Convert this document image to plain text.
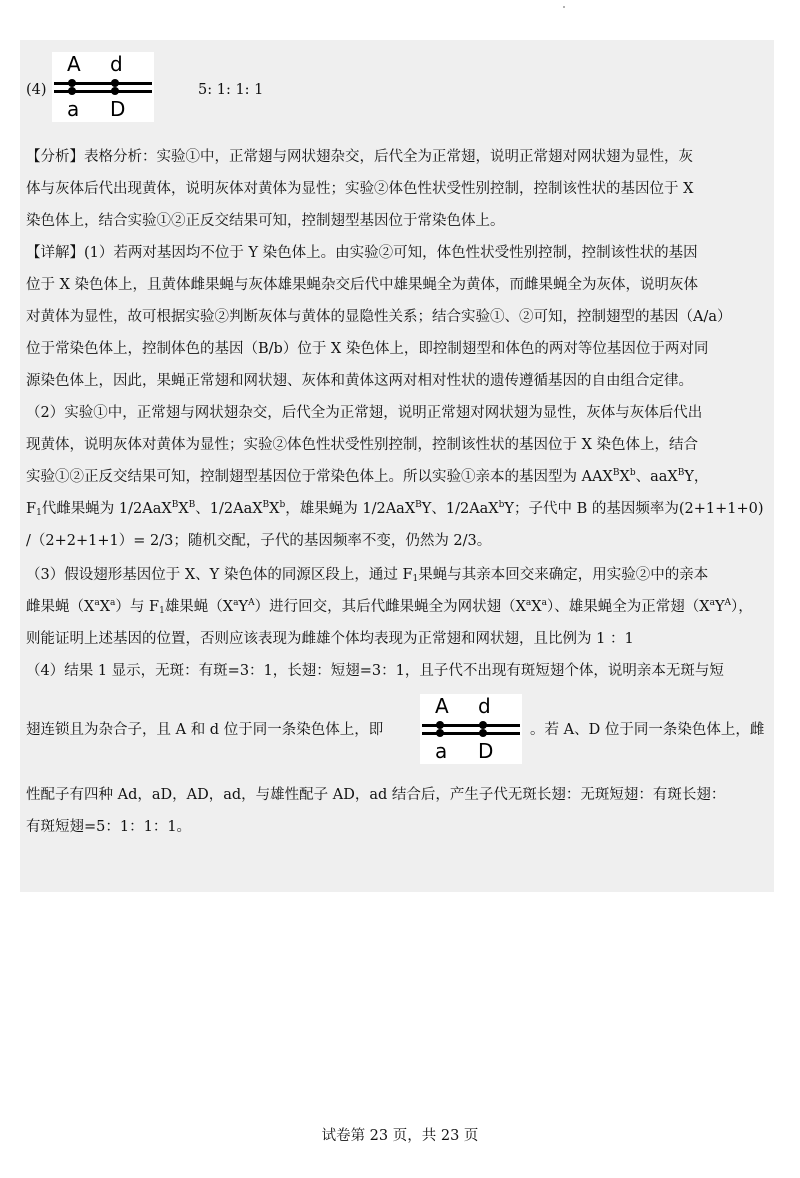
(4)
A d
a D
5: 1: 1: 1
【分析】表格分析：实验①中，正常翅与网状翅杂交，后代全为正常翅，说明正常翅对网状翅为显性，灰
体与灰体后代出现黄体，说明灰体对黄体为显性；实验②体色性状受性别控制，控制该性状的基因位于 X
染色体上，结合实验①②正反交结果可知，控制翅型基因位于常染色体上。
【详解】(1）若两对基因均不位于 Y 染色体上。由实验②可知，体色性状受性别控制，控制该性状的基因
位于 X 染色体上，且黄体雌果蝇与灰体雄果蝇杂交后代中雄果蝇全为黄体，而雌果蝇全为灰体，说明灰体
对黄体为显性，故可根据实验②判断灰体与黄体的显隐性关系；结合实验①、②可知，控制翅型的基因（A/a）
位于常染色体上，控制体色的基因（B/b）位于 X 染色体上，即控制翅型和体色的两对等位基因位于两对同
源染色体上，因此，果蝇正常翅和网状翅、灰体和黄体这两对相对性状的遗传遵循基因的自由组合定律。
（2）实验①中，正常翅与网状翅杂交，后代全为正常翅，说明正常翅对网状翅为显性，灰体与灰体后代出
现黄体，说明灰体对黄体为显性；实验②体色性状受性别控制，控制该性状的基因位于 X 染色体上，结合
实验①②正反交结果可知，控制翅型基因位于常染色体上。所以实验①亲本的基因型为 $AAX^BX^b$、aaX$^B$Y，
$F_1$代雌果蝇为 $1/2AaX^BX^B$、$1/2AaX^BX^b$，雄果蝇为 1/2AaX$^B$Y、1/2AaX$^b$Y；子代中 B 的基因频率为(2+1+1+0)
/（2+2+1+1）= 2/3；随机交配，子代的基因频率不变，仍然为 2/3。
（3）假设翅形基因位于 X、Y 染色体的同源区段上，通过 $F_1$果蝇与其亲本回交来确定，用实验②中的亲本
雌果蝇$(X^aX^a)$与 $F_1$雄果蝇$(X^aY^A)$进行回交，其后代雌果蝇全为网状翅$(X^aX^a)$、雄果蝇全为正常翅$(X^aY^A)$，
则能证明上述基因的位置，否则应该表现为雌雄个体均表现为正常翅和网状翅，且比例为 1 ：1
（4）结果 1 显示，无斑：有斑=3：1，长翅：短翅=3：1，且子代不出现有斑短翅个体，说明亲本无斑与短
翅连锁且为杂合子，且 A 和 d 位于同一条染色体上，即
A d
a D
。若 A、D 位于同一条染色体上，雌
性配子有四种 Ad，aD，AD，ad，与雄性配子 AD，ad 结合后，产生子代无斑长翅：无斑短翅：有斑长翅：
有斑短翅=5：1：1：1。
试卷第 23 页，共 23 页
